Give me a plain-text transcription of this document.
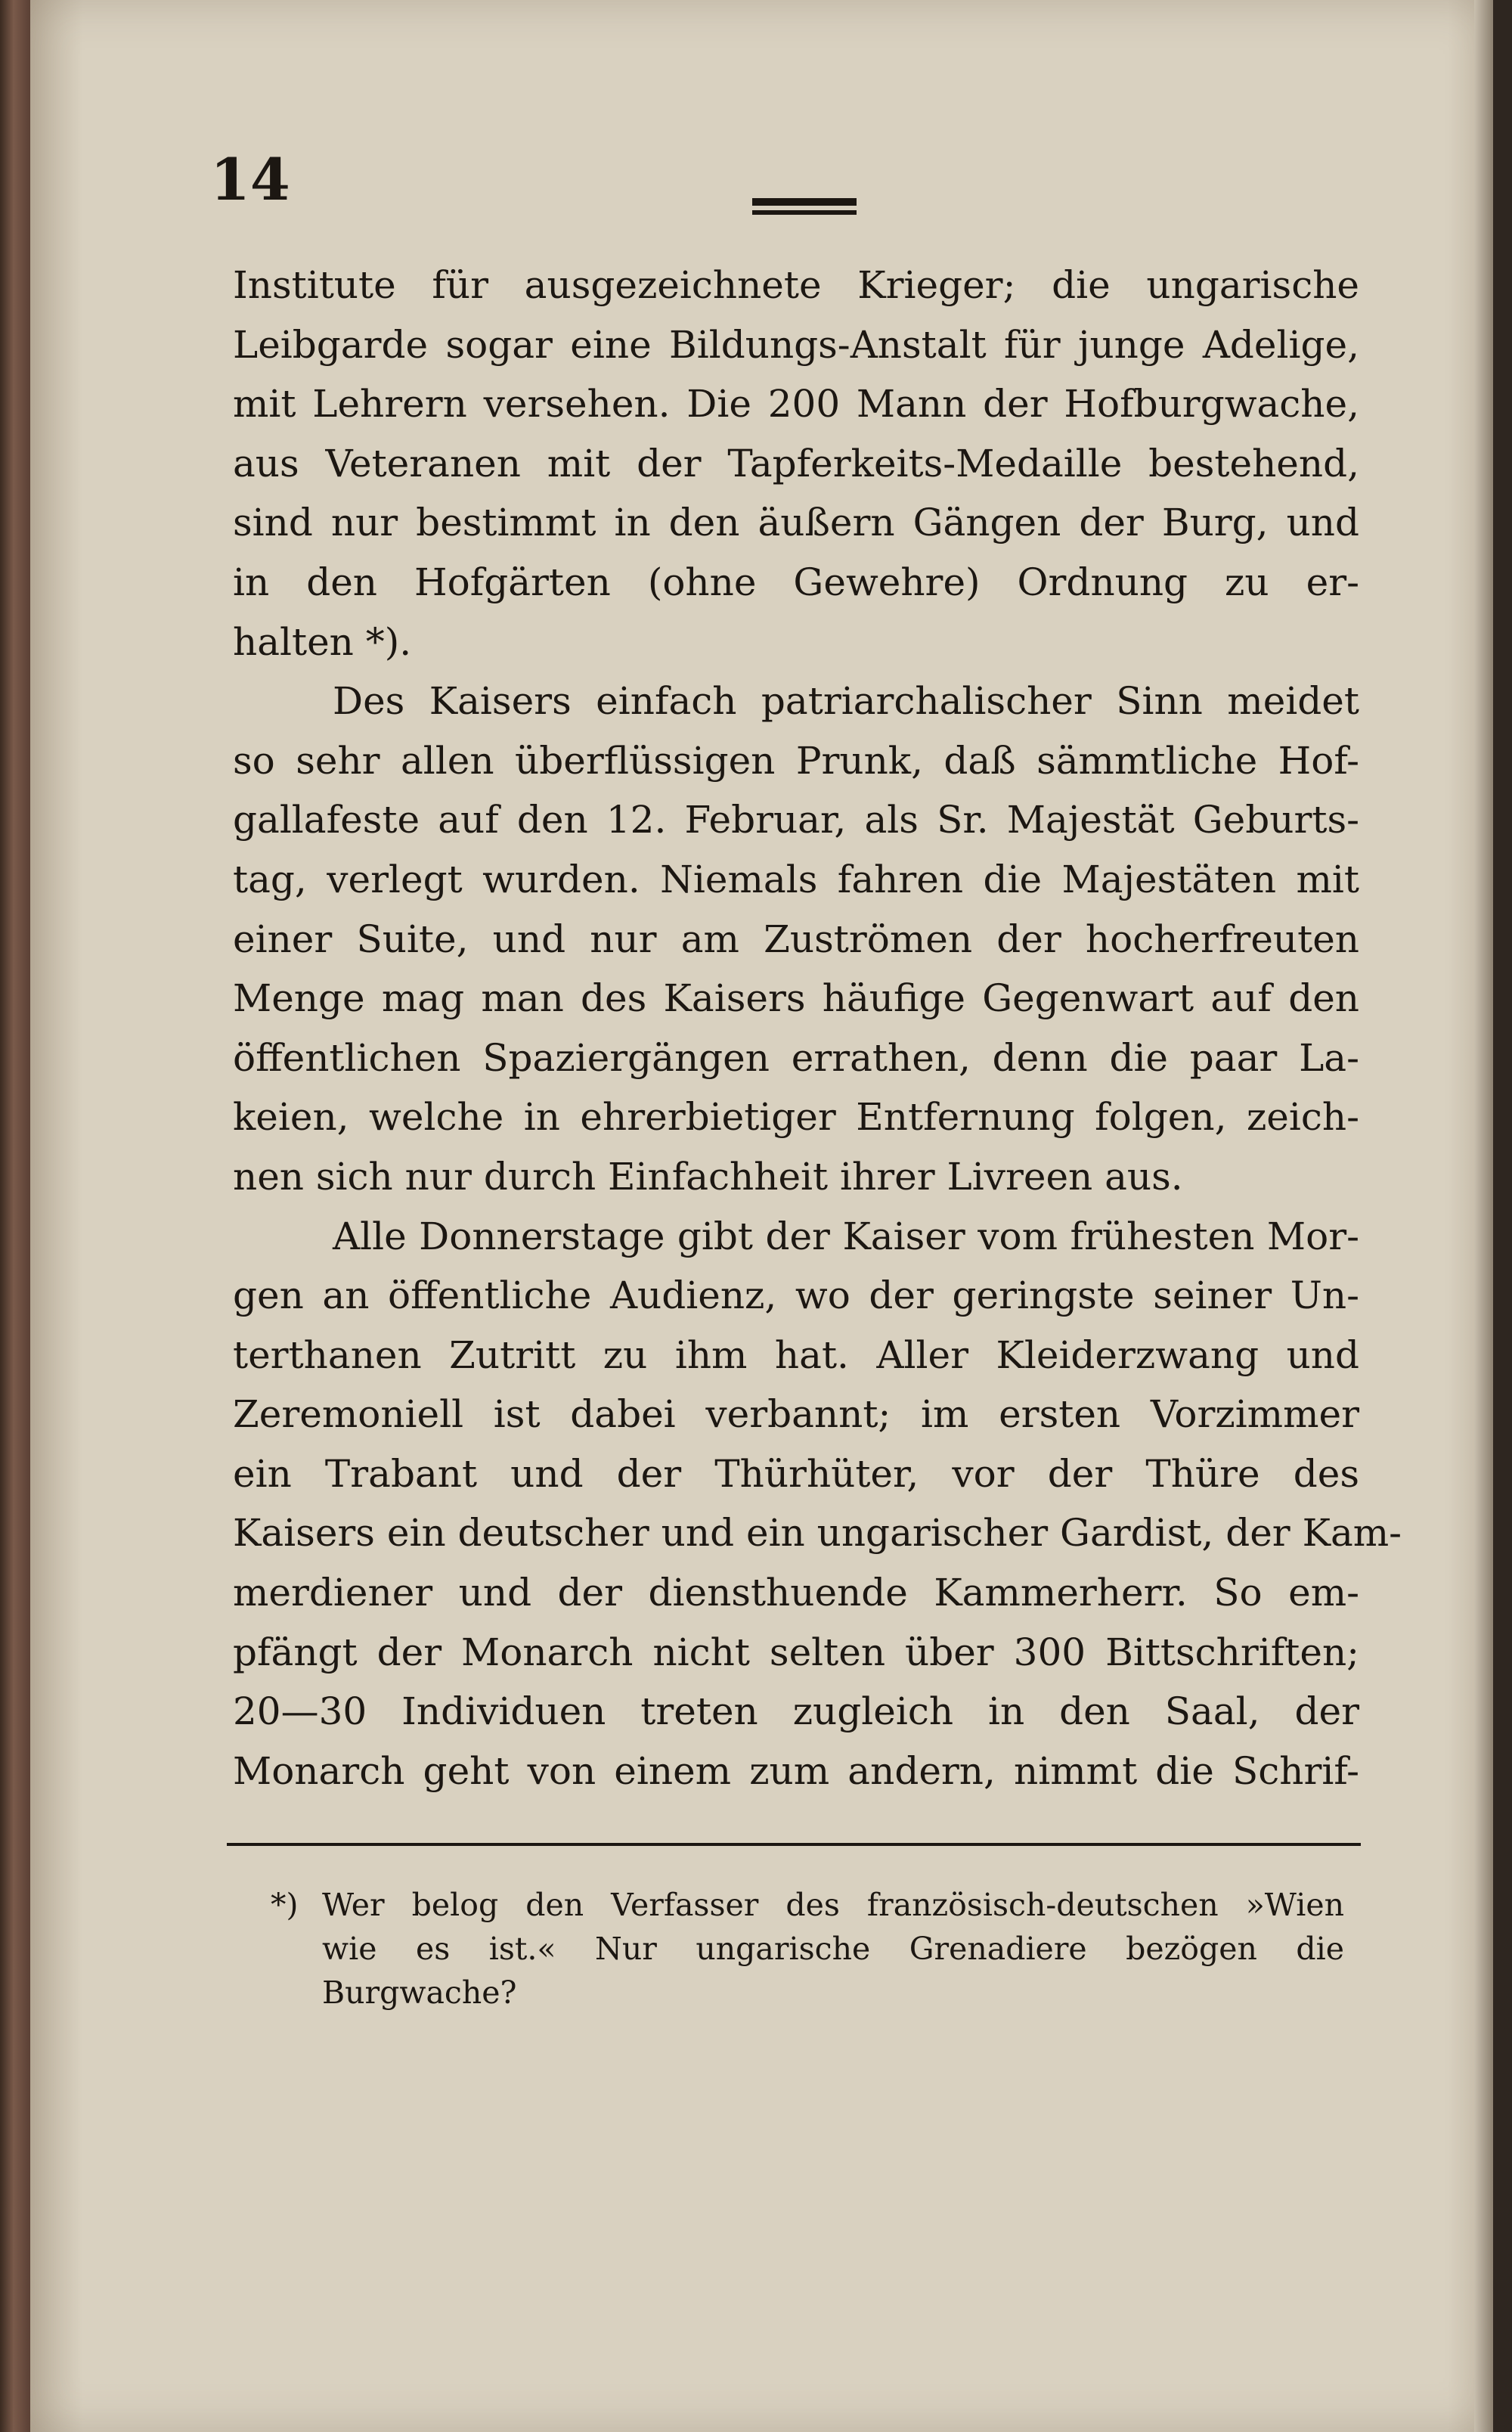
14
Institute für ausgezeichnete Krieger; die ungarische
Leibgarde sogar eine Bildungs-Anstalt für junge Adelige,
mit Lehrern versehen. Die 200 Mann der Hofburgwache,
aus Veteranen mit der Tapferkeits-Medaille bestehend,
sind nur bestimmt in den äußern Gängen der Burg, und
in den Hofgärten (ohne Gewehre) Ordnung zu er-
halten *).
Des Kaisers einfach patriarchalischer Sinn meidet
so sehr allen überflüssigen Prunk, daß sämmtliche Hof-
gallafeste auf den 12. Februar, als Sr. Majestät Geburts-
tag, verlegt wurden. Niemals fahren die Majestäten mit
einer Suite, und nur am Zuströmen der hocherfreuten
Menge mag man des Kaisers häufige Gegenwart auf den
öffentlichen Spaziergängen errathen, denn die paar La-
keien, welche in ehrerbietiger Entfernung folgen, zeich-
nen sich nur durch Einfachheit ihrer Livreen aus.
Alle Donnerstage gibt der Kaiser vom frühesten Mor-
gen an öffentliche Audienz, wo der geringste seiner Un-
terthanen Zutritt zu ihm hat. Aller Kleiderzwang und
Zeremoniell ist dabei verbannt; im ersten Vorzimmer
ein Trabant und der Thürhüter, vor der Thüre des
Kaisers ein deutscher und ein ungarischer Gardist, der Kam-
merdiener und der diensthuende Kammerherr. So em-
pfängt der Monarch nicht selten über 300 Bittschriften;
20—30 Individuen treten zugleich in den Saal, der
Monarch geht von einem zum andern, nimmt die Schrif-
*) Wer belog den Verfasser des französisch-deutschen »Wien
wie es ist.« Nur ungarische Grenadiere bezögen die
Burgwache?
